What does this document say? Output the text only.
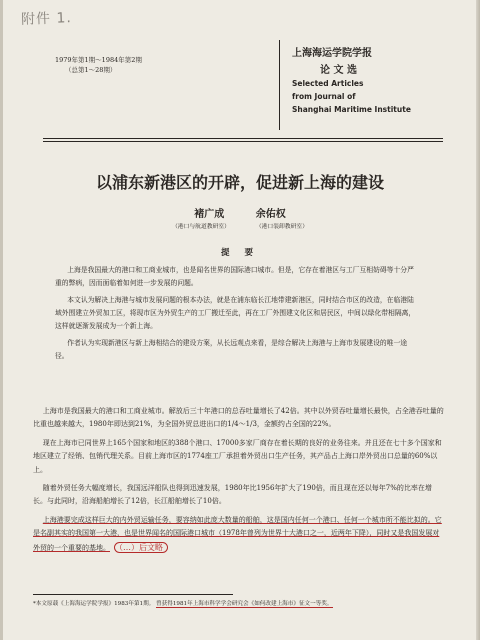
附件 1.
1979年第1期～1984年第2期
（总第1～28期）
上海海运学院学报
论 文 选
Selected Articles
from Journal of
Shanghai Maritime Institute
以浦东新港区的开辟，促进新上海的建设
褚广成	余佑权
（港口与航道教研室）	（港口装卸教研室）
提 要

上海是我国最大的港口和工商业城市，也是闻名世界的国际港口城市。但是，它存在着港区与工厂互相妨碍等十分严重的弊病，因而面临着如何进一步发展的问题。

本文认为解决上海港与城市发展问题的根本办法，就是在浦东临长江地带建新港区，同时结合市区的改造，在临港陆域外围建立外贸加工区，将现市区为外贸生产的工厂搬迁至此，再在工厂外围建文化区和居民区，中间以绿化带相隔离，这样就逐渐发展成为一个新上海。

作者认为实现新港区与新上海相结合的建设方案，从长远观点来看，是综合解决上海港与上海市发展建设的唯一途径。

上海市是我国最大的港口和工商业城市。解放后三十年港口的总吞吐量增长了42倍。其中以外贸吞吐量增长最快，占全港吞吐量的比重也越来越大，1980年即达到21%，为全国外贸总进出口的1/4～1/3，金额约占全国的22%。

现在上海市已同世界上165个国家和地区的388个港口、17000多家厂商存在着长期的良好的业务往来。并且还在七十多个国家和地区建立了经销、包销代理关系。目前上海市区的1774座工厂承担着外贸出口生产任务，其产品占上海口岸外贸出口总量的60%以上。

随着外贸任务大幅度增长，我国远洋船队也得到迅速发展，1980年比1956年扩大了190倍，而且现在还以每年7%的比率在增长。与此同时，沿海船舶增长了12倍，长江船舶增长了10倍。

上海港要完成这样巨大的内外贸运输任务，要容纳如此庞大数量的船舶，这是国内任何一个港口、任何一个城市所不能比拟的。它是名副其实的我国第一大港，也是世界闻名的国际港口城市（1978年曾列为世界十大港口之一，近两年下降），同时又是我国发展对外贸的一个重要的基地。 （…）后文略

*本文原载《上海海运学院学报》1983年第1期。 曾获得1981年上海市科学学会研究会《如何改建上海市》征文一等奖。
